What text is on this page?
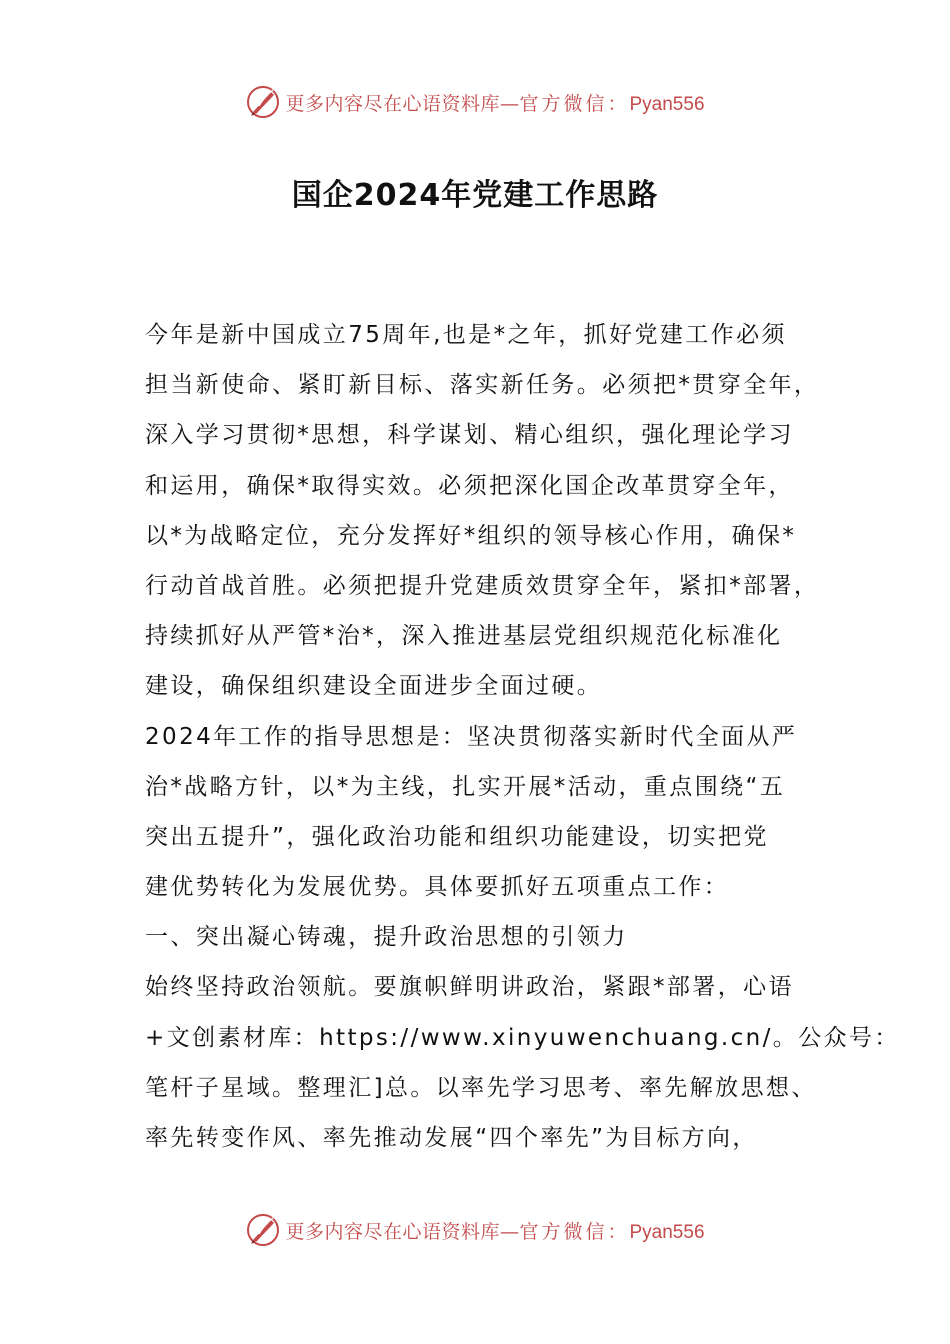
更多内容尽在心语资料库—官方微信：Pyan556
国企2024年党建工作思路
今年是新中国成立75周年,也是*之年，抓好党建工作必须
担当新使命、紧盯新目标、落实新任务。必须把*贯穿全年，
深入学习贯彻*思想，科学谋划、精心组织，强化理论学习
和运用，确保*取得实效。必须把深化国企改革贯穿全年，
以*为战略定位，充分发挥好*组织的领导核心作用，确保*
行动首战首胜。必须把提升党建质效贯穿全年，紧扣*部署，
持续抓好从严管*治*，深入推进基层党组织规范化标准化
建设，确保组织建设全面进步全面过硬。
2024年工作的指导思想是：坚决贯彻落实新时代全面从严
治*战略方针，以*为主线，扎实开展*活动，重点围绕“五
突出五提升”，强化政治功能和组织功能建设，切实把党
建优势转化为发展优势。具体要抓好五项重点工作：
一、突出凝心铸魂，提升政治思想的引领力
始终坚持政治领航。要旗帜鲜明讲政治，紧跟*部署，心语
+文创素材库：https://www.xinyuwenchuang.cn/。公众号：
笔杆子星域。整理汇]总。以率先学习思考、率先解放思想、
率先转变作风、率先推动发展“四个率先”为目标方向，
更多内容尽在心语资料库—官方微信：Pyan556
